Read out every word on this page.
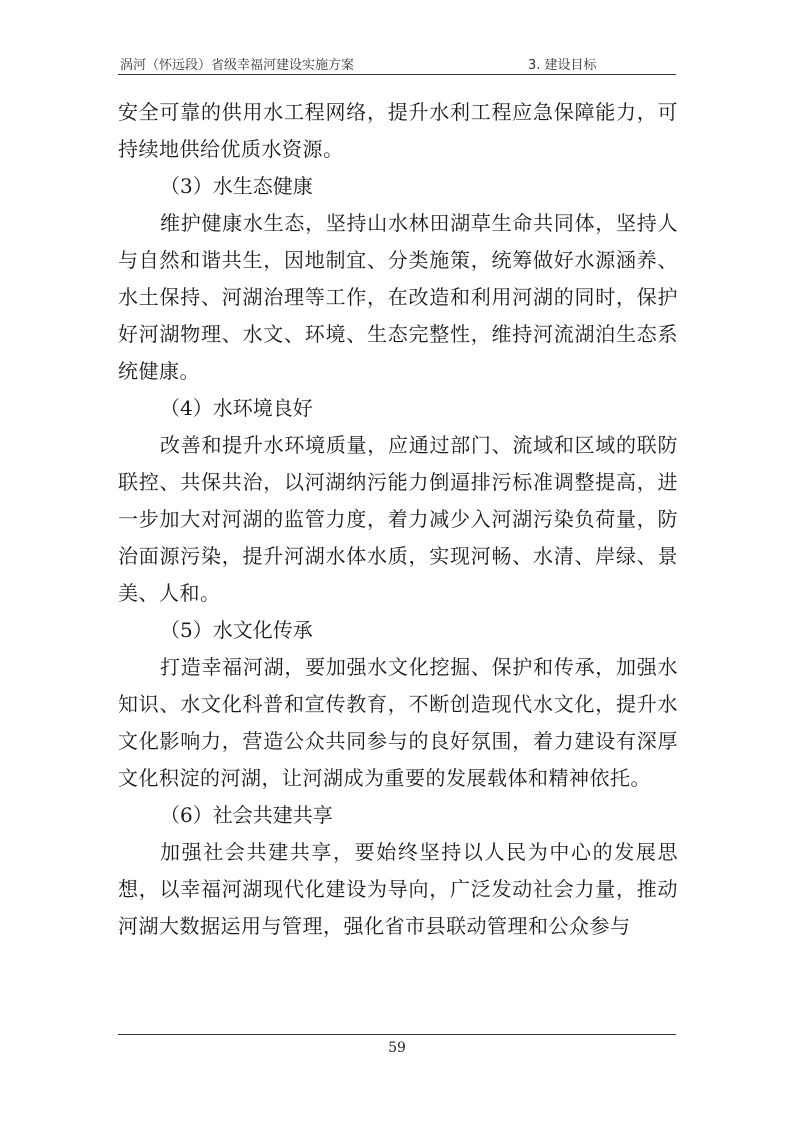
涡河（怀远段）省级幸福河建设实施方案	3. 建设目标

安全可靠的供用水工程网络，提升水利工程应急保障能力，可持续地供给优质水资源。

（3）水生态健康

维护健康水生态，坚持山水林田湖草生命共同体，坚持人与自然和谐共生，因地制宜、分类施策，统筹做好水源涵养、水土保持、河湖治理等工作，在改造和利用河湖的同时，保护好河湖物理、水文、环境、生态完整性，维持河流湖泊生态系统健康。

（4）水环境良好

改善和提升水环境质量，应通过部门、流域和区域的联防联控、共保共治，以河湖纳污能力倒逼排污标准调整提高，进一步加大对河湖的监管力度，着力减少入河湖污染负荷量，防治面源污染，提升河湖水体水质，实现河畅、水清、岸绿、景美、人和。

（5）水文化传承

打造幸福河湖，要加强水文化挖掘、保护和传承，加强水知识、水文化科普和宣传教育，不断创造现代水文化，提升水文化影响力，营造公众共同参与的良好氛围，着力建设有深厚文化积淀的河湖，让河湖成为重要的发展载体和精神依托。

（6）社会共建共享

加强社会共建共享，要始终坚持以人民为中心的发展思想，以幸福河湖现代化建设为导向，广泛发动社会力量，推动河湖大数据运用与管理，强化省市县联动管理和公众参与

59
